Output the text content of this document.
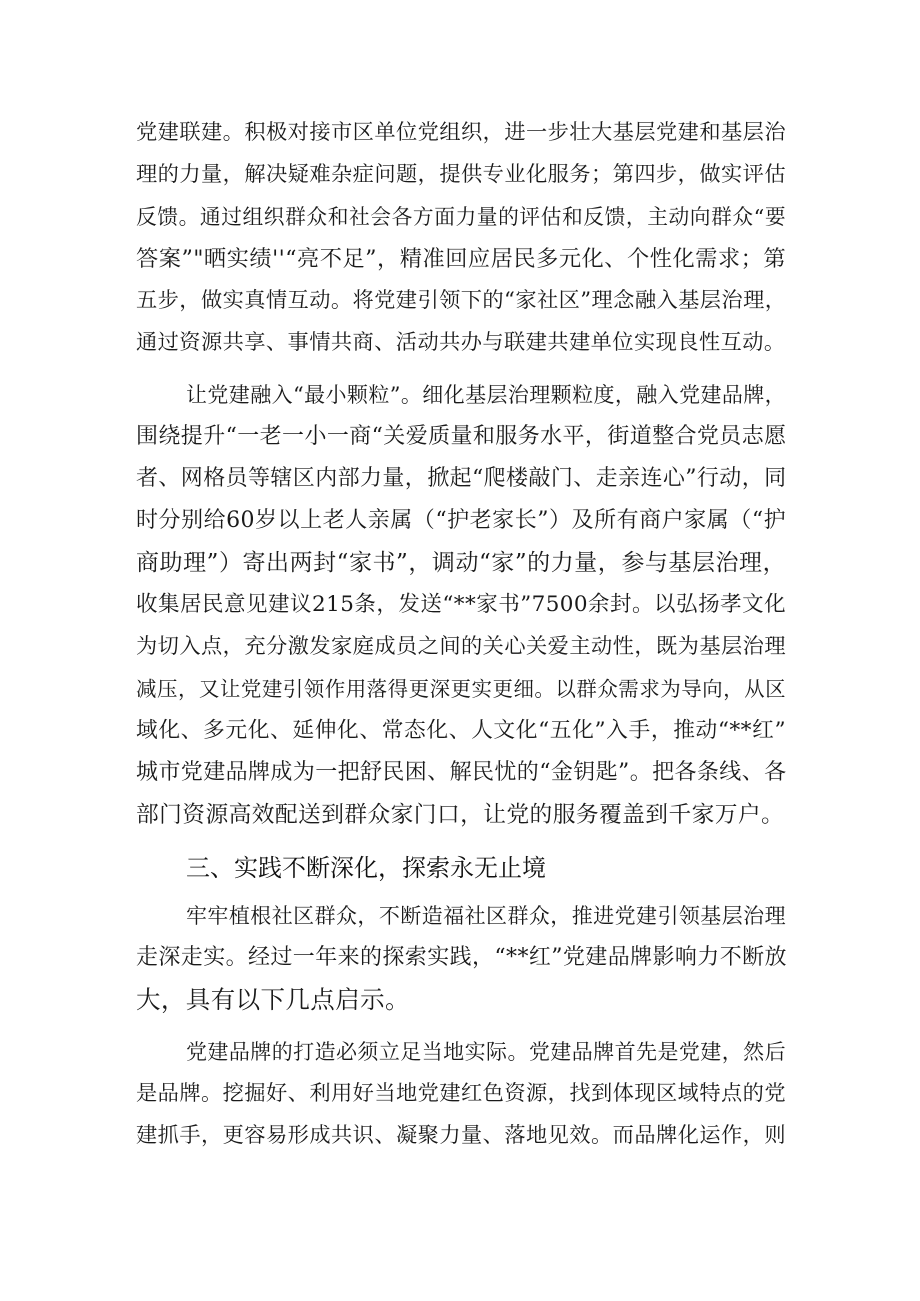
党建联建。积极对接市区单位党组织，进一步壮大基层党建和基层治
理的力量，解决疑难杂症问题，提供专业化服务；第四步，做实评估
反馈。通过组织群众和社会各方面力量的评估和反馈，主动向群众“要
答案”"晒实绩''“亮不足”，精准回应居民多元化、个性化需求；第
五步，做实真情互动。将党建引领下的“家社区”理念融入基层治理，
通过资源共享、事情共商、活动共办与联建共建单位实现良性互动。
让党建融入“最小颗粒”。细化基层治理颗粒度，融入党建品牌，
围绕提升“一老一小一商“关爱质量和服务水平，街道整合党员志愿
者、网格员等辖区内部力量，掀起“爬楼敲门、走亲连心”行动，同
时分别给60岁以上老人亲属（“护老家长”）及所有商户家属（“护
商助理”）寄出两封“家书”，调动“家”的力量，参与基层治理，
收集居民意见建议215条，发送“**家书”7500余封。以弘扬孝文化
为切入点，充分激发家庭成员之间的关心关爱主动性，既为基层治理
减压，又让党建引领作用落得更深更实更细。以群众需求为导向，从区
域化、多元化、延伸化、常态化、人文化“五化”入手，推动“**红”
城市党建品牌成为一把舒民困、解民忧的“金钥匙”。把各条线、各
部门资源高效配送到群众家门口，让党的服务覆盖到千家万户。
三、实践不断深化，探索永无止境
牢牢植根社区群众，不断造福社区群众，推进党建引领基层治理
走深走实。经过一年来的探索实践，“**红”党建品牌影响力不断放
大，具有以下几点启示。
党建品牌的打造必须立足当地实际。党建品牌首先是党建，然后
是品牌。挖掘好、利用好当地党建红色资源，找到体现区域特点的党
建抓手，更容易形成共识、凝聚力量、落地见效。而品牌化运作，则
